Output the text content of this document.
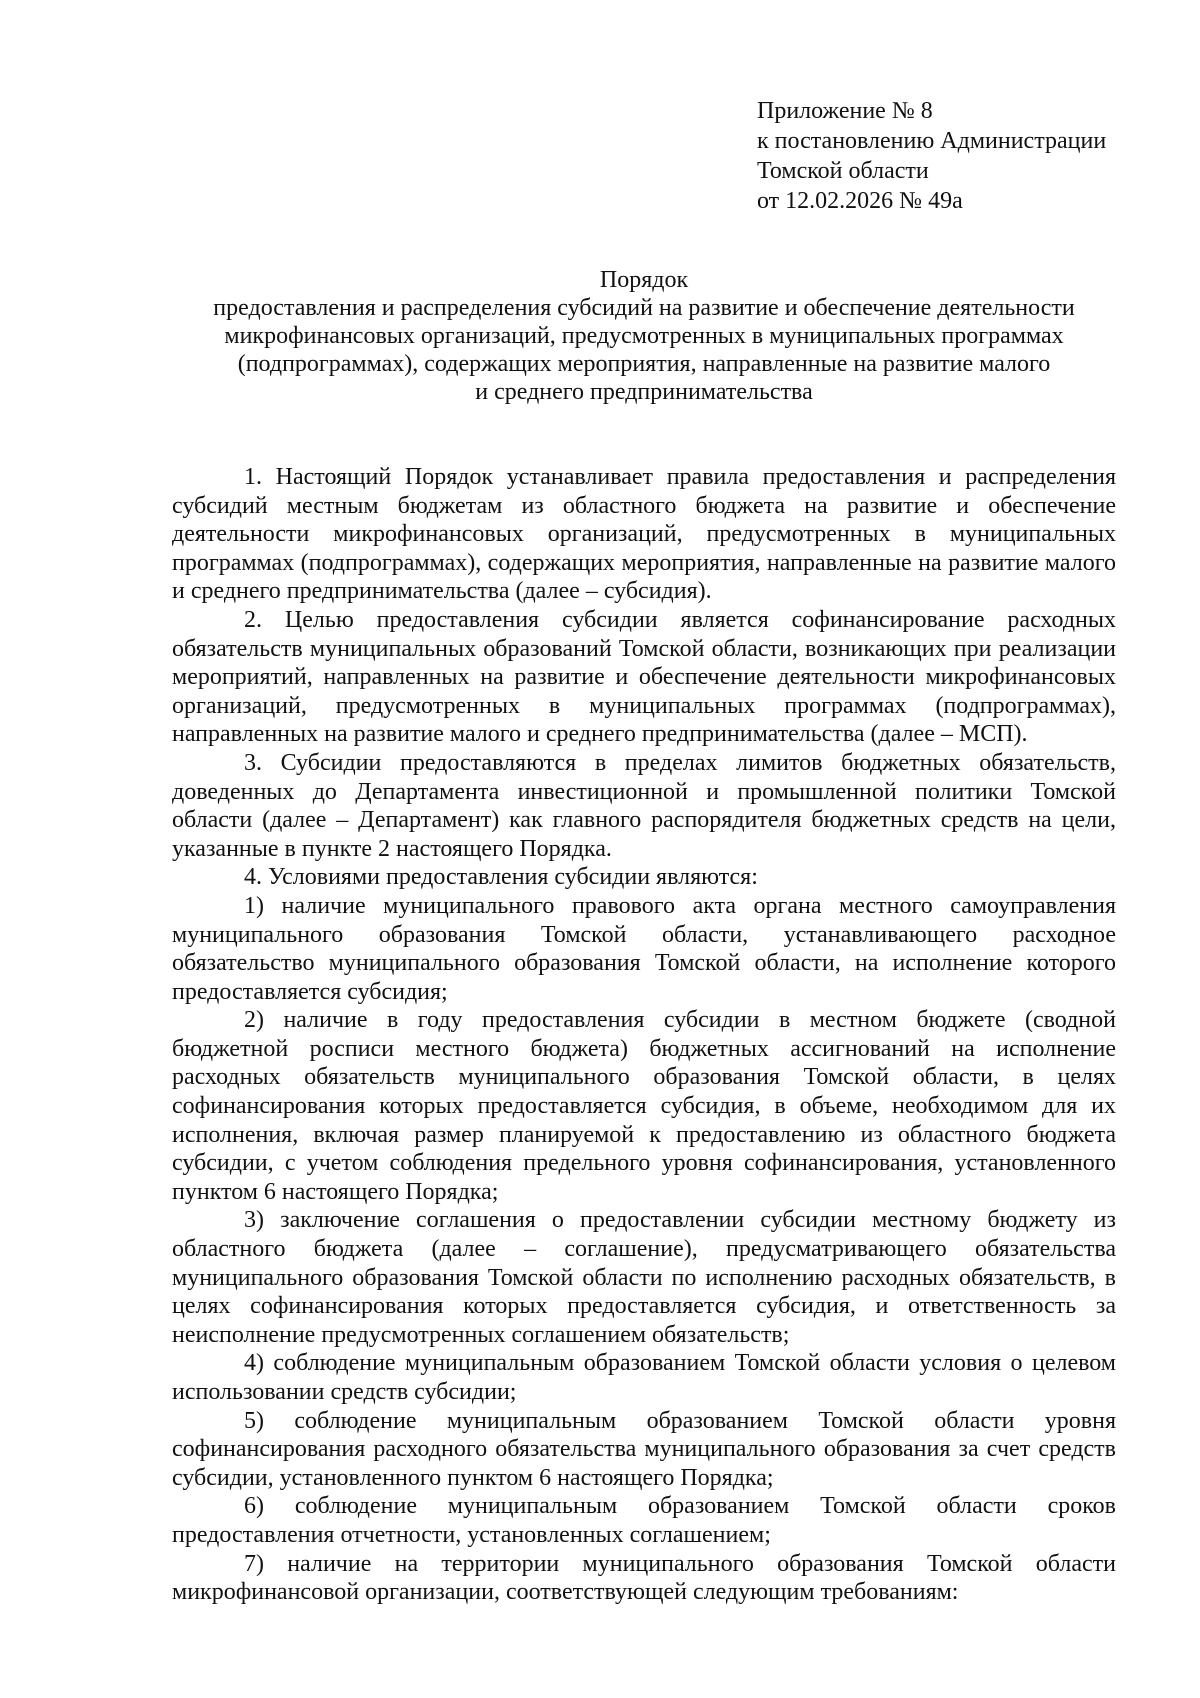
Приложение № 8
к постановлению Администрации
Томской области
от 12.02.2026 № 49а
Порядок
предоставления и распределения субсидий на развитие и обеспечение деятельности
микрофинансовых организаций, предусмотренных в муниципальных программах
(подпрограммах), содержащих мероприятия, направленные на развитие малого
и среднего предпринимательства

1. Настоящий Порядок устанавливает правила предоставления и распределения субсидий местным бюджетам из областного бюджета на развитие и обеспечение деятельности микрофинансовых организаций, предусмотренных в муниципальных программах (подпрограммах), содержащих мероприятия, направленные на развитие малого и среднего предпринимательства (далее – субсидия).

2. Целью предоставления субсидии является софинансирование расходных обязательств муниципальных образований Томской области, возникающих при реализации мероприятий, направленных на развитие и обеспечение деятельности микрофинансовых организаций, предусмотренных в муниципальных программах (подпрограммах), направленных на развитие малого и среднего предпринимательства (далее – МСП).

3. Субсидии предоставляются в пределах лимитов бюджетных обязательств, доведенных до Департамента инвестиционной и промышленной политики Томской области (далее – Департамент) как главного распорядителя бюджетных средств на цели, указанные в пункте 2 настоящего Порядка.

4. Условиями предоставления субсидии являются:

1) наличие муниципального правового акта органа местного самоуправления муниципального образования Томской области, устанавливающего расходное обязательство муниципального образования Томской области, на исполнение которого предоставляется субсидия;

2) наличие в году предоставления субсидии в местном бюджете (сводной бюджетной росписи местного бюджета) бюджетных ассигнований на исполнение расходных обязательств муниципального образования Томской области, в целях софинансирования которых предоставляется субсидия, в объеме, необходимом для их исполнения, включая размер планируемой к предоставлению из областного бюджета субсидии, с учетом соблюдения предельного уровня софинансирования, установленного пунктом 6 настоящего Порядка;

3) заключение соглашения о предоставлении субсидии местному бюджету из областного бюджета (далее – соглашение), предусматривающего обязательства муниципального образования Томской области по исполнению расходных обязательств, в целях софинансирования которых предоставляется субсидия, и ответственность за неисполнение предусмотренных соглашением обязательств;

4) соблюдение муниципальным образованием Томской области условия о целевом использовании средств субсидии;

5) соблюдение муниципальным образованием Томской области уровня софинансирования расходного обязательства муниципального образования за счет средств субсидии, установленного пунктом 6 настоящего Порядка;

6) соблюдение муниципальным образованием Томской области сроков предоставления отчетности, установленных соглашением;

7) наличие на территории муниципального образования Томской области микрофинансовой организации, соответствующей следующим требованиям:
